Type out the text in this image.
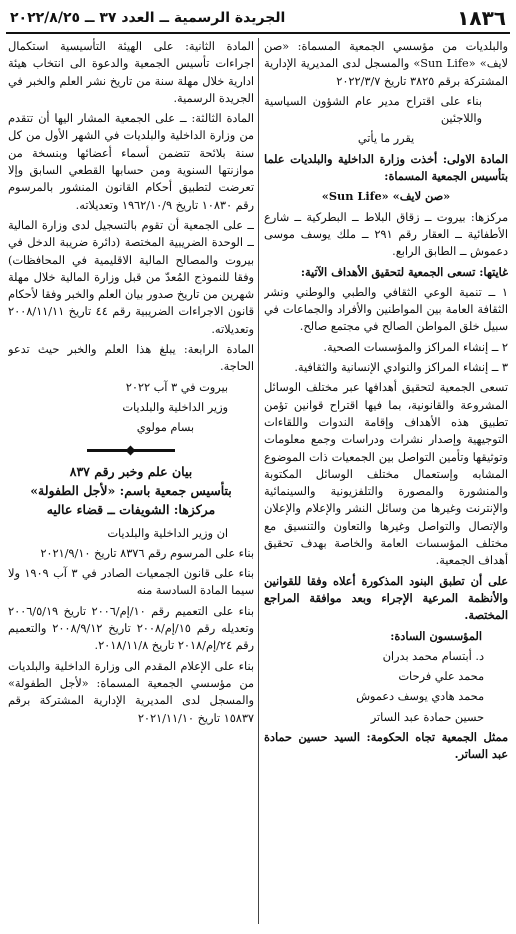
١٨٣٦
الجريدة الرسمية ــ العدد ٣٧ ــ ٢٠٢٢/٨/٢٥

والبلديات من مؤسسي الجمعية المسماة: «صن لايف» «Sun Life» والمسجل لدى المديرية الإدارية المشتركة برقم ٣٨٢٥ تاريخ ٢٠٢٢/٣/٧

بناء على اقتراح مدير عام الشؤون السياسية واللاجئين

يقرر ما يأتي

المادة الاولى: أخذت وزارة الداخلية والبلديات علما بتأسيس الجمعية المسماة:

«صن لايف» «Sun Life»

مركزها: بيروت ــ زقاق البلاط ــ البطركية ــ شارع الأطفائية ــ العقار رقم ٢٩١ ــ ملك يوسف موسى دعموش ــ الطابق الرابع.

غايتها: تسعى الجمعية لتحقيق الأهداف الآتية:

١ ــ تنمية الوعي الثقافي والطبي والوطني ونشر الثقافة العامة بين المواطنين والأفراد والجماعات في سبيل خلق المواطن الصالح في مجتمع صالح.

٢ ــ إنشاء المراكز والمؤسسات الصحية.

٣ ــ إنشاء المراكز والنوادي الإنسانية والثقافية.

تسعى الجمعية لتحقيق أهدافها عبر مختلف الوسائل المشروعة والقانونية، بما فيها اقتراح قوانين تؤمن تطبيق هذه الأهداف وإقامة الندوات واللقاءات التوجيهية وإصدار نشرات ودراسات وجمع معلومات وتوثيقها وتأمين التواصل بين الجمعيات ذات الموضوع المشابه وإستعمال مختلف الوسائل المكتوبة والمنشورة والمصورة والتلفزيونية والسينمائية والإنترنت وغيرها من وسائل النشر والإعلام والإعلان والإتصال والتواصل وغيرها والتعاون والتنسيق مع مختلف المؤسسات العامة والخاصة بهدف تحقيق أهداف الجمعية.

على أن تطبق البنود المذكورة أعلاه وفقا للقوانين والأنظمة المرعية الإجراء وبعد موافقة المراجع المختصة.

المؤسسون السادة:

د. أبتسام محمد بدران

محمد علي فرحات

محمد هادي يوسف دعموش

حسين حمادة عبد الساتر

ممثل الجمعية تجاه الحكومة: السيد حسين حمادة عبد الساتر.

المادة الثانية: على الهيئة التأسيسية استكمال اجراءات تأسيس الجمعية والدعوة الى انتخاب هيئة ادارية خلال مهلة سنة من تاريخ نشر العلم والخبر في الجريدة الرسمية.

المادة الثالثة: ــ على الجمعية المشار اليها أن تتقدم من وزارة الداخلية والبلديات في الشهر الأول من كل سنة بلائحة تتضمن أسماء أعضائها وبنسخة من موازنتها السنوية ومن حسابها القطعي السابق وإلا تعرضت لتطبيق أحكام القانون المنشور بالمرسوم رقم ١٠٨٣٠ تاريخ ١٩٦٢/١٠/٩ وتعديلاته.

ــ على الجمعية أن تقوم بالتسجيل لدى وزارة المالية ــ الوحدة الضريبية المختصة (دائرة ضريبة الدخل في بيروت والمصالح المالية الاقليمية في المحافظات) وفقا للنموذج المُعدّ من قبل وزارة المالية خلال مهلة شهرين من تاريخ صدور بيان العلم والخبر وفقا لأحكام قانون الاجراءات الضريبية رقم ٤٤ تاريخ ٢٠٠٨/١١/١١ وتعديلاته.

المادة الرابعة: يبلغ هذا العلم والخبر حيث تدعو الحاجة.

بيروت في ٣ آب ٢٠٢٢

وزير الداخلية والبلديات

بسام مولوي

بيان علم وخبر رقم ٨٣٧

بتأسيس جمعية باسم: «لأجل الطفولة»

مركزها: الشويفات ــ قضاء عاليه

ان وزير الداخلية والبلديات

بناء على المرسوم رقم ٨٣٧٦ تاريخ ٢٠٢١/٩/١٠

بناء على قانون الجمعيات الصادر في ٣ آب ١٩٠٩ ولا سيما المادة السادسة منه

بناء على التعميم رقم ١٠/إم/٢٠٠٦ تاريخ ٢٠٠٦/٥/١٩ وتعديله رقم ١٥/إم/٢٠٠٨ تاريخ ٢٠٠٨/٩/١٢ والتعميم رقم ٢٤/إم/٢٠١٨ تاريخ ٢٠١٨/١١/٨.

بناء على الإعلام المقدم الى وزارة الداخلية والبلديات من مؤسسي الجمعية المسماة: «لأجل الطفولة» والمسجل لدى المديرية الإدارية المشتركة برقم ١٥٨٣٧ تاريخ ٢٠٢١/١١/١٠
